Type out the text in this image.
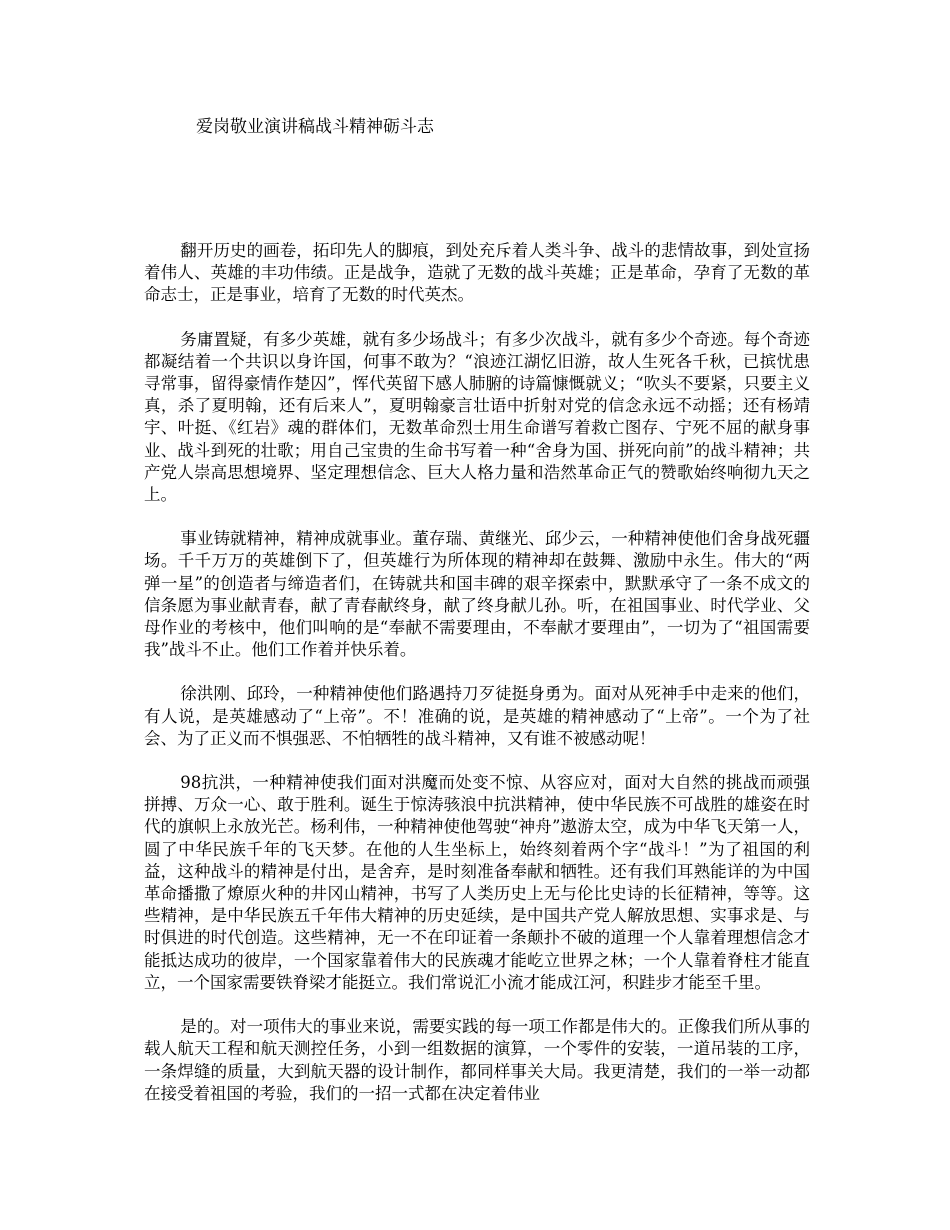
爱岗敬业演讲稿战斗精神砺斗志

翻开历史的画卷，拓印先人的脚痕，到处充斥着人类斗争、战斗的悲情故事，到处宣扬着伟人、英雄的丰功伟绩。正是战争，造就了无数的战斗英雄；正是革命，孕育了无数的革命志士，正是事业，培育了无数的时代英杰。

务庸置疑，有多少英雄，就有多少场战斗；有多少次战斗，就有多少个奇迹。每个奇迹都凝结着一个共识以身许国，何事不敢为？“浪迹江湖忆旧游，故人生死各千秋，已摈忧患寻常事，留得豪情作楚囚”，恽代英留下感人肺腑的诗篇慷慨就义；“吹头不要紧，只要主义真，杀了夏明翰，还有后来人”，夏明翰豪言壮语中折射对党的信念永远不动摇；还有杨靖宇、叶挺、《红岩》魂的群体们，无数革命烈士用生命谱写着救亡图存、宁死不屈的献身事业、战斗到死的壮歌；用自己宝贵的生命书写着一种“舍身为国、拼死向前”的战斗精神；共产党人崇高思想境界、坚定理想信念、巨大人格力量和浩然革命正气的赞歌始终响彻九天之上。

事业铸就精神，精神成就事业。董存瑞、黄继光、邱少云，一种精神使他们舍身战死疆场。千千万万的英雄倒下了，但英雄行为所体现的精神却在鼓舞、激励中永生。伟大的“两弹一星”的创造者与缔造者们，在铸就共和国丰碑的艰辛探索中，默默承守了一条不成文的信条愿为事业献青春，献了青春献终身，献了终身献儿孙。听，在祖国事业、时代学业、父母作业的考核中，他们叫响的是“奉献不需要理由，不奉献才要理由”，一切为了“祖国需要我”战斗不止。他们工作着并快乐着。

徐洪刚、邱玲，一种精神使他们路遇持刀歹徒挺身勇为。面对从死神手中走来的他们，有人说，是英雄感动了“上帝”。不！准确的说，是英雄的精神感动了“上帝”。一个为了社会、为了正义而不惧强恶、不怕牺牲的战斗精神，又有谁不被感动呢！

98抗洪，一种精神使我们面对洪魔而处变不惊、从容应对，面对大自然的挑战而顽强拼搏、万众一心、敢于胜利。诞生于惊涛骇浪中抗洪精神，使中华民族不可战胜的雄姿在时代的旗帜上永放光芒。杨利伟，一种精神使他驾驶“神舟”遨游太空，成为中华飞天第一人，圆了中华民族千年的飞天梦。在他的人生坐标上，始终刻着两个字“战斗！”为了祖国的利益，这种战斗的精神是付出，是舍弃，是时刻准备奉献和牺牲。还有我们耳熟能详的为中国革命播撒了燎原火种的井冈山精神，书写了人类历史上无与伦比史诗的长征精神，等等。这些精神，是中华民族五千年伟大精神的历史延续，是中国共产党人解放思想、实事求是、与时俱进的时代创造。这些精神，无一不在印证着一条颠扑不破的道理一个人靠着理想信念才能抵达成功的彼岸，一个国家靠着伟大的民族魂才能屹立世界之林；一个人靠着脊柱才能直立，一个国家需要铁脊梁才能挺立。我们常说汇小流才能成江河，积跬步才能至千里。

是的。对一项伟大的事业来说，需要实践的每一项工作都是伟大的。正像我们所从事的载人航天工程和航天测控任务，小到一组数据的演算，一个零件的安装，一道吊装的工序，一条焊缝的质量，大到航天器的设计制作，都同样事关大局。我更清楚，我们的一举一动都在接受着祖国的考验，我们的一招一式都在决定着伟业
